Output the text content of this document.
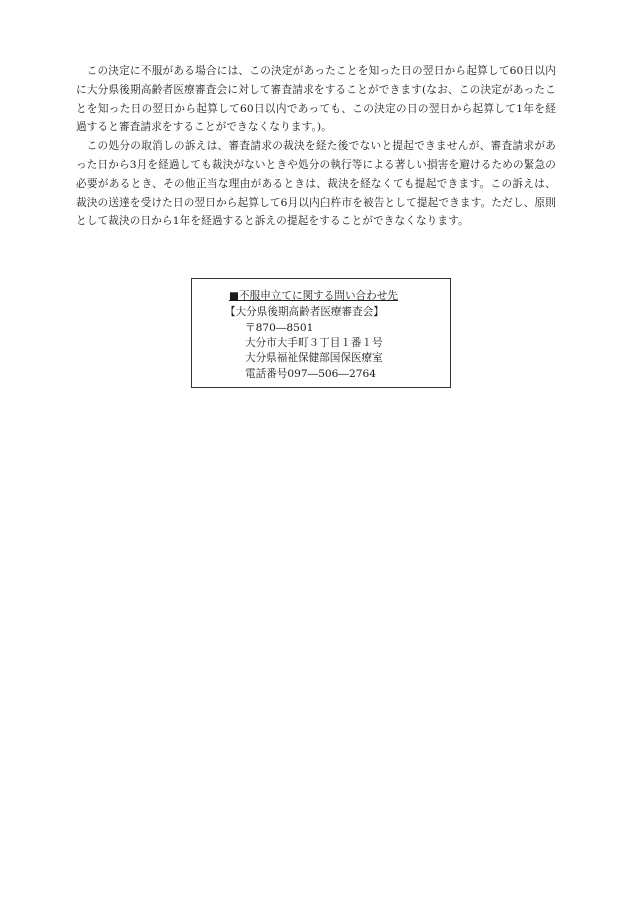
この決定に不服がある場合には、この決定があったことを知った日の翌日から起算して60日以内に大分県後期高齢者医療審査会に対して審査請求をすることができます(なお、この決定があったことを知った日の翌日から起算して60日以内であっても、この決定の日の翌日から起算して1年を経過すると審査請求をすることができなくなります。)。

この処分の取消しの訴えは、審査請求の裁決を経た後でないと提起できませんが、審査請求があった日から3月を経過しても裁決がないときや処分の執行等による著しい損害を避けるための緊急の必要があるとき、その他正当な理由があるときは、裁決を経なくても提起できます。この訴えは、裁決の送達を受けた日の翌日から起算して6月以内臼杵市を被告として提起できます。ただし、原則として裁決の日から1年を経過すると訴えの提起をすることができなくなります。

■不服申立てに関する問い合わせ先
【大分県後期高齢者医療審査会】
〒870―8501
大分市大手町３丁目１番１号
大分県福祉保健部国保医療室
電話番号097―506―2764
